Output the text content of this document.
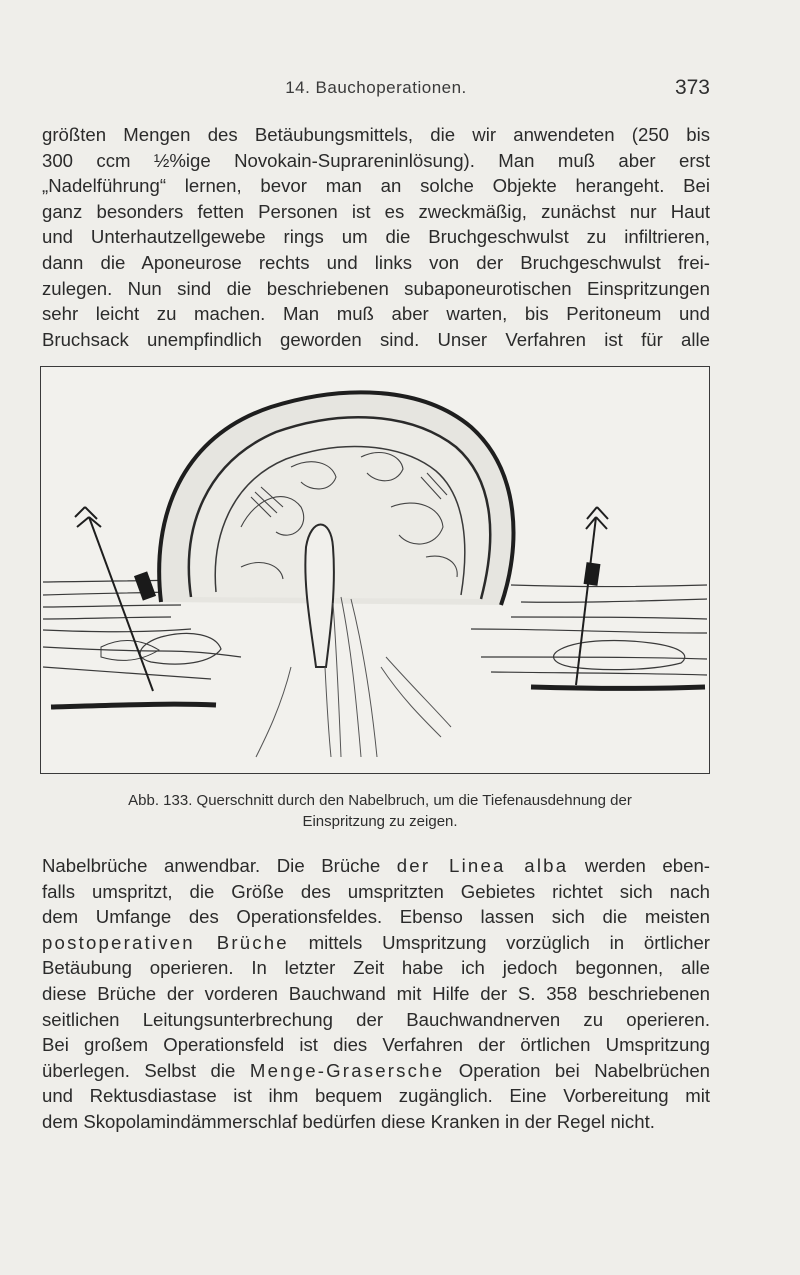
14. Bauchoperationen.	373
größten Mengen des Betäubungsmittels, die wir anwendeten (250 bis
300 ccm ½%ige Novokain-Suprareninlösung). Man muß aber erst
„Nadelführung“ lernen, bevor man an solche Objekte herangeht. Bei
ganz besonders fetten Personen ist es zweckmäßig, zunächst nur Haut
und Unterhautzellgewebe rings um die Bruchgeschwulst zu infiltrieren,
dann die Aponeurose rechts und links von der Bruchgeschwulst frei-
zulegen. Nun sind die beschriebenen subaponeurotischen Einspritzungen
sehr leicht zu machen. Man muß aber warten, bis Peritoneum und
Bruchsack unempfindlich geworden sind. Unser Verfahren ist für alle
Abb. 133. Querschnitt durch den Nabelbruch, um die Tiefenausdehnung der
Einspritzung zu zeigen.
Nabelbrüche anwendbar. Die Brüche der Linea alba werden eben-
falls umspritzt, die Größe des umspritzten Gebietes richtet sich nach
dem Umfange des Operationsfeldes. Ebenso lassen sich die meisten
postoperativen Brüche mittels Umspritzung vorzüglich in örtlicher
Betäubung operieren. In letzter Zeit habe ich jedoch begonnen, alle
diese Brüche der vorderen Bauchwand mit Hilfe der S. 358 beschriebenen
seitlichen Leitungsunterbrechung der Bauchwandnerven zu operieren.
Bei großem Operationsfeld ist dies Verfahren der örtlichen Umspritzung
überlegen. Selbst die Menge-Grasersche Operation bei Nabelbrüchen
und Rektusdiastase ist ihm bequem zugänglich. Eine Vorbereitung mit
dem Skopolamindämmerschlaf bedürfen diese Kranken in der Regel nicht.
